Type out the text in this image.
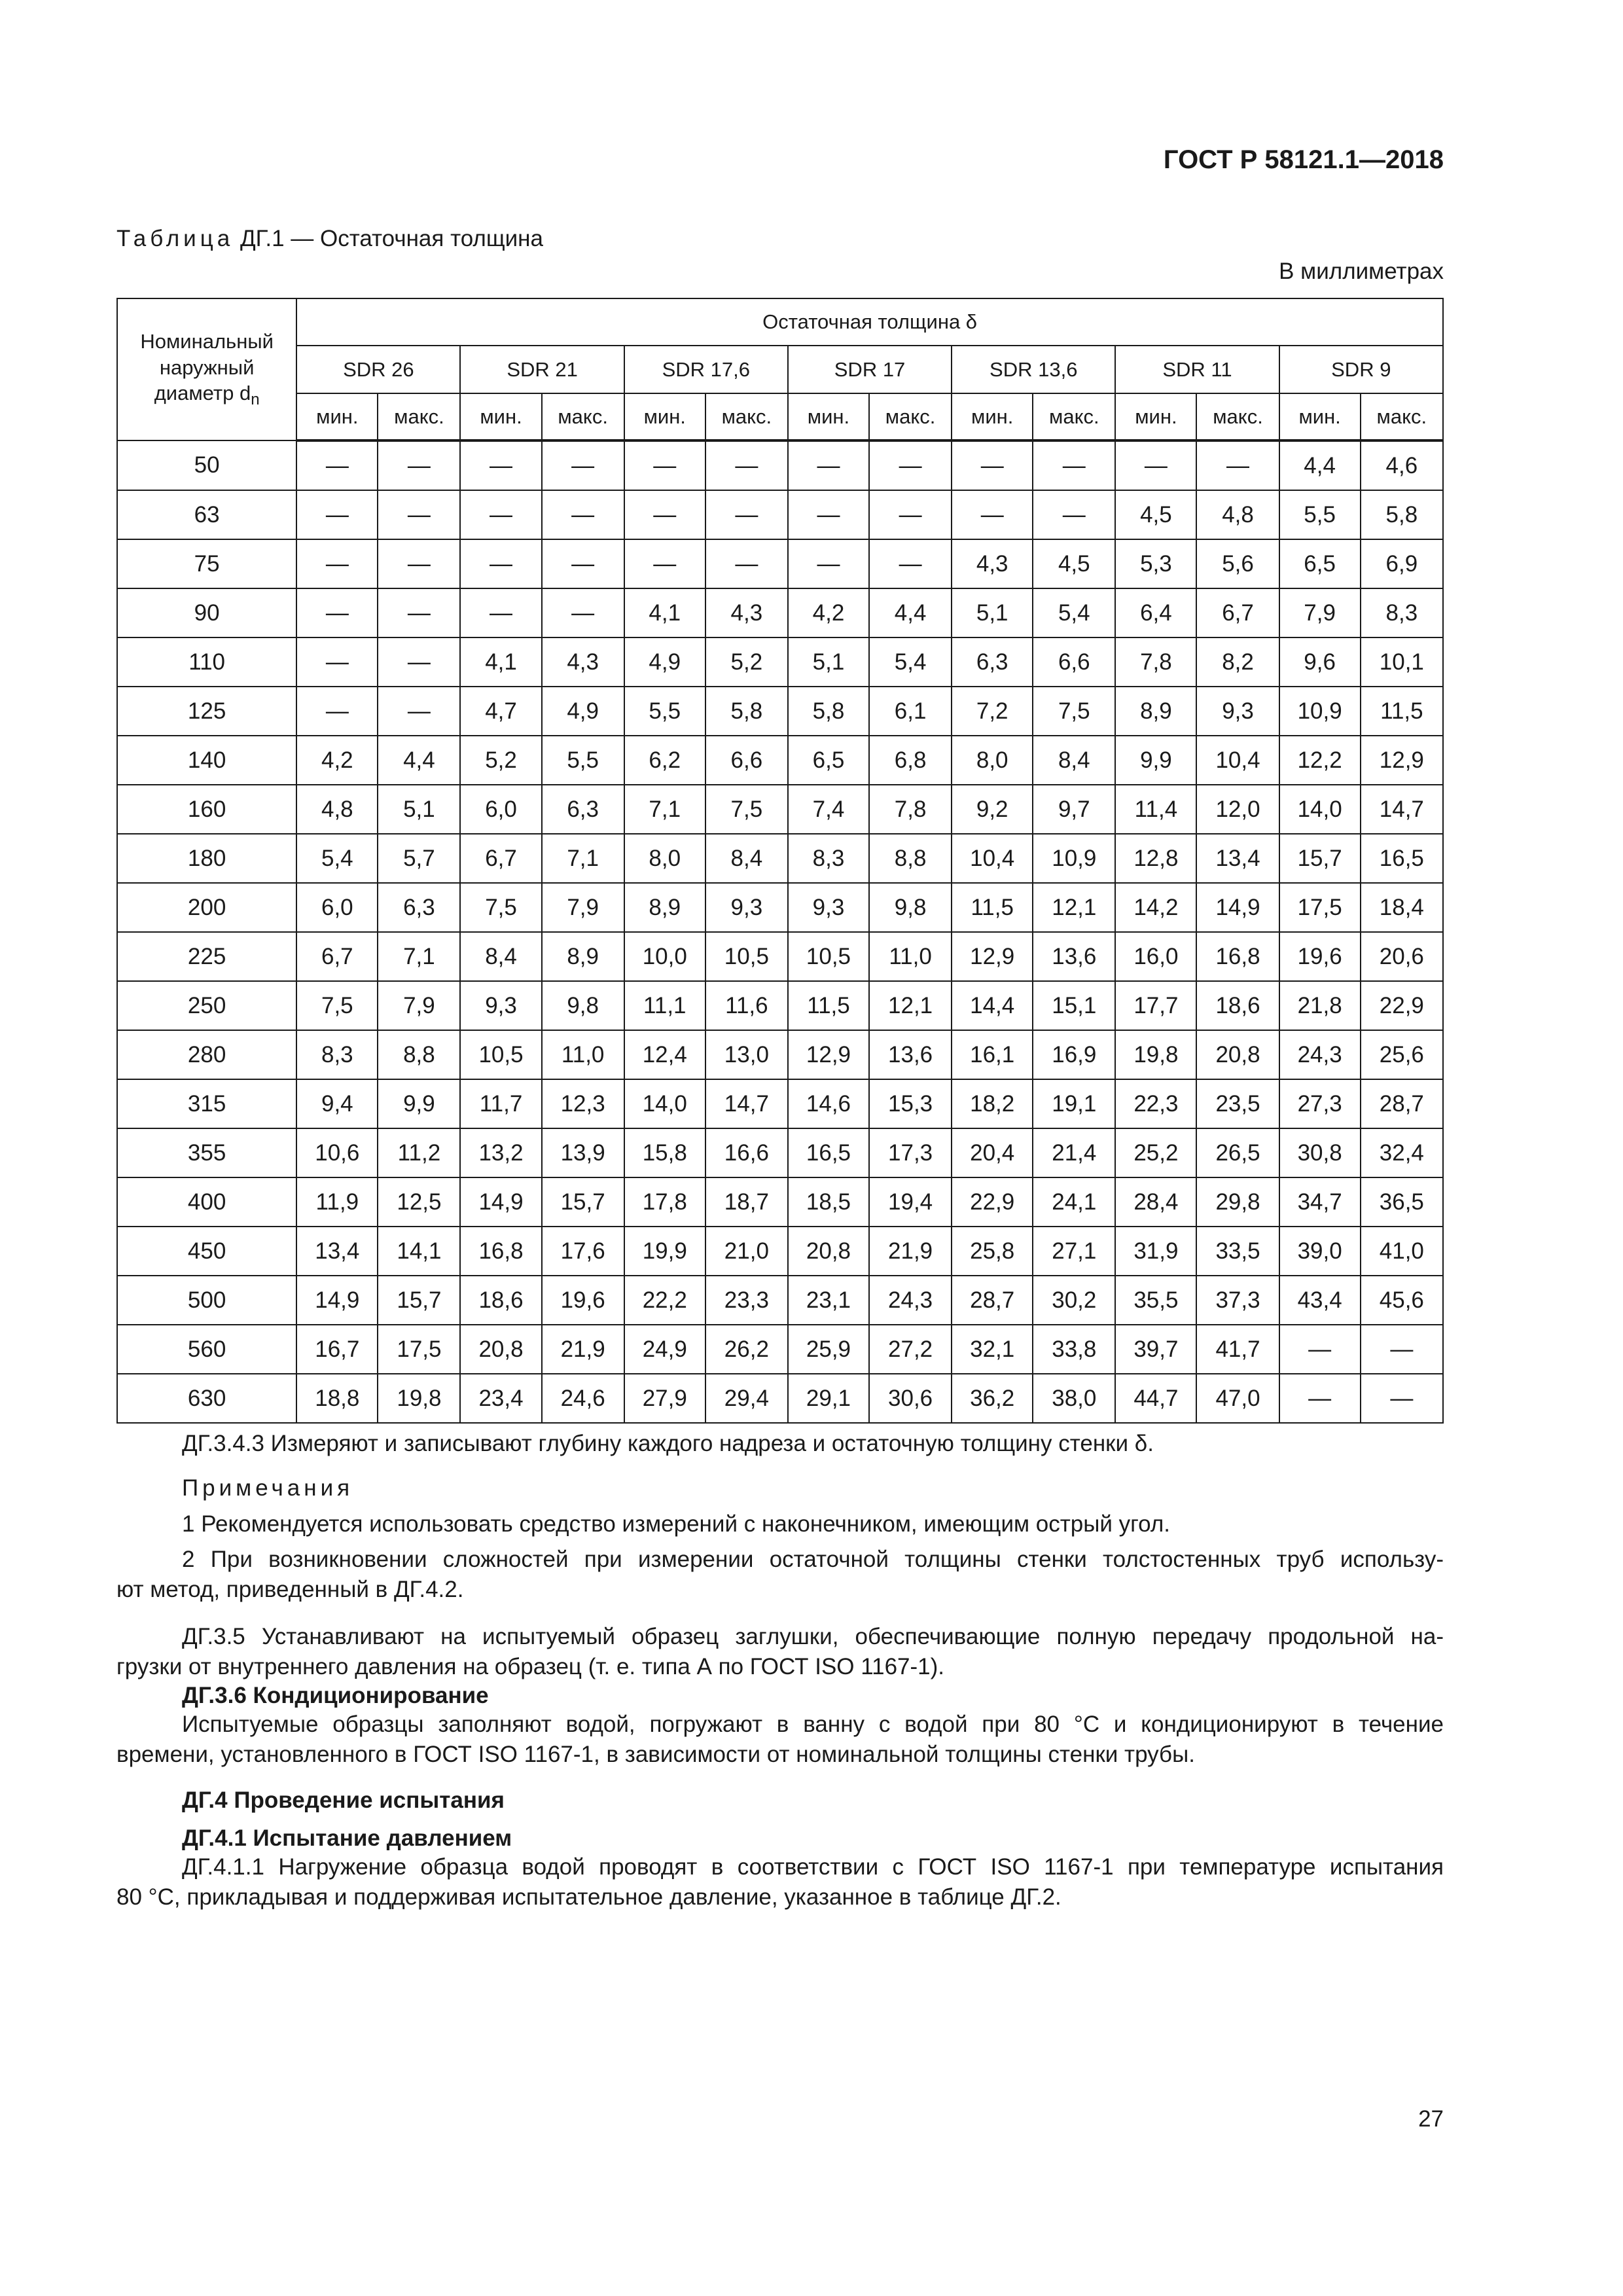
ГОСТ Р 58121.1—2018
Таблица ДГ.1 — Остаточная толщина
В миллиметрах
Номинальный
наружный
диаметр $d_n$	Остаточная толщина δ													
	SDR 26		SDR 21		SDR 17,6		SDR 17		SDR 13,6		SDR 11		SDR 9	
	мин.	макс.	мин.	макс.	мин.	макс.	мин.	макс.	мин.	макс.	мин.	макс.	мин.	макс.
50	—	—	—	—	—	—	—	—	—	—	—	—	4,4	4,6
63	—	—	—	—	—	—	—	—	—	—	4,5	4,8	5,5	5,8
75	—	—	—	—	—	—	—	—	4,3	4,5	5,3	5,6	6,5	6,9
90	—	—	—	—	4,1	4,3	4,2	4,4	5,1	5,4	6,4	6,7	7,9	8,3
110	—	—	4,1	4,3	4,9	5,2	5,1	5,4	6,3	6,6	7,8	8,2	9,6	10,1
125	—	—	4,7	4,9	5,5	5,8	5,8	6,1	7,2	7,5	8,9	9,3	10,9	11,5
140	4,2	4,4	5,2	5,5	6,2	6,6	6,5	6,8	8,0	8,4	9,9	10,4	12,2	12,9
160	4,8	5,1	6,0	6,3	7,1	7,5	7,4	7,8	9,2	9,7	11,4	12,0	14,0	14,7
180	5,4	5,7	6,7	7,1	8,0	8,4	8,3	8,8	10,4	10,9	12,8	13,4	15,7	16,5
200	6,0	6,3	7,5	7,9	8,9	9,3	9,3	9,8	11,5	12,1	14,2	14,9	17,5	18,4
225	6,7	7,1	8,4	8,9	10,0	10,5	10,5	11,0	12,9	13,6	16,0	16,8	19,6	20,6
250	7,5	7,9	9,3	9,8	11,1	11,6	11,5	12,1	14,4	15,1	17,7	18,6	21,8	22,9
280	8,3	8,8	10,5	11,0	12,4	13,0	12,9	13,6	16,1	16,9	19,8	20,8	24,3	25,6
315	9,4	9,9	11,7	12,3	14,0	14,7	14,6	15,3	18,2	19,1	22,3	23,5	27,3	28,7
355	10,6	11,2	13,2	13,9	15,8	16,6	16,5	17,3	20,4	21,4	25,2	26,5	30,8	32,4
400	11,9	12,5	14,9	15,7	17,8	18,7	18,5	19,4	22,9	24,1	28,4	29,8	34,7	36,5
450	13,4	14,1	16,8	17,6	19,9	21,0	20,8	21,9	25,8	27,1	31,9	33,5	39,0	41,0
500	14,9	15,7	18,6	19,6	22,2	23,3	23,1	24,3	28,7	30,2	35,5	37,3	43,4	45,6
560	16,7	17,5	20,8	21,9	24,9	26,2	25,9	27,2	32,1	33,8	39,7	41,7	—	—
630	18,8	19,8	23,4	24,6	27,9	29,4	29,1	30,6	36,2	38,0	44,7	47,0	—	—
ДГ.3.4.3 Измеряют и записывают глубину каждого надреза и остаточную толщину стенки δ.
Примечания
1 Рекомендуется использовать средство измерений с наконечником, имеющим острый угол.
2 При возникновении сложностей при измерении остаточной толщины стенки толстостенных труб использу-
ют метод, приведенный в ДГ.4.2.
ДГ.3.5 Устанавливают на испытуемый образец заглушки, обеспечивающие полную передачу продольной на-
грузки от внутреннего давления на образец (т. е. типа А по ГОСТ ISO 1167-1).
ДГ.3.6 Кондиционирование
Испытуемые образцы заполняют водой, погружают в ванну с водой при 80 °С и кондиционируют в течение
времени, установленного в ГОСТ ISO 1167-1, в зависимости от номинальной толщины стенки трубы.
ДГ.4 Проведение испытания
ДГ.4.1 Испытание давлением
ДГ.4.1.1 Нагружение образца водой проводят в соответствии с ГОСТ ISO 1167-1 при температуре испытания
80 °С, прикладывая и поддерживая испытательное давление, указанное в таблице ДГ.2.
27
